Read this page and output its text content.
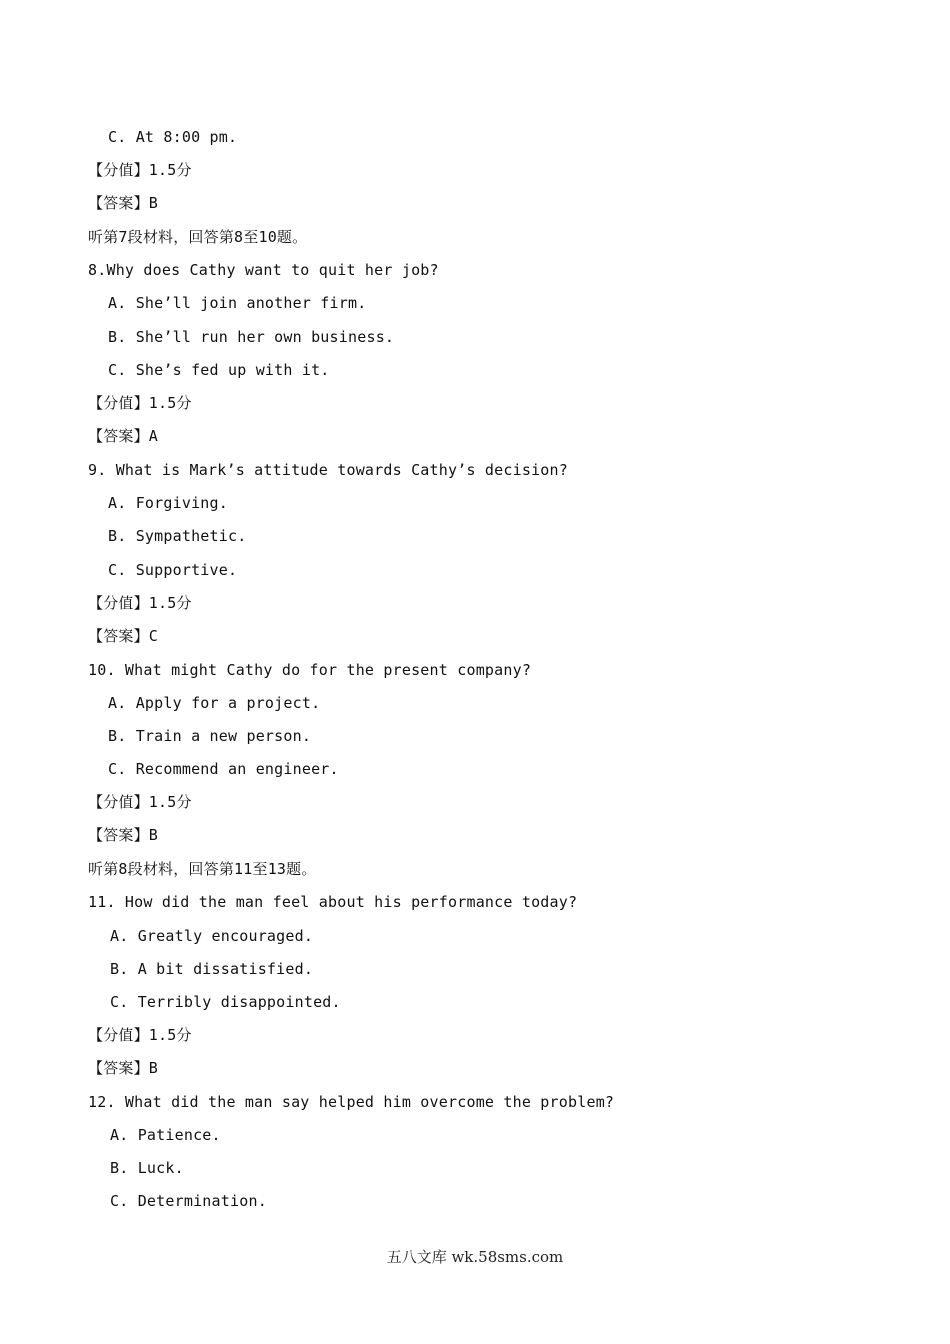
C. At 8:00 pm.
【分值】1.5分
【答案】B
听第7段材料，回答第8至10题。
8.Why does Cathy want to quit her job?
A. She’ll join another firm.
B. She’ll run her own business.
C. She’s fed up with it.
【分值】1.5分
【答案】A
9. What is Mark’s attitude towards Cathy’s decision?
A. Forgiving.
B. Sympathetic.
C. Supportive.
【分值】1.5分
【答案】C
10. What might Cathy do for the present company?
A. Apply for a project.
B. Train a new person.
C. Recommend an engineer.
【分值】1.5分
【答案】B
听第8段材料，回答第11至13题。
11. How did the man feel about his performance today?
A. Greatly encouraged.
B. A bit dissatisfied.
C. Terribly disappointed.
【分值】1.5分
【答案】B
12. What did the man say helped him overcome the problem?
A. Patience.
B. Luck.
C. Determination.
五八文库 wk.58sms.com
